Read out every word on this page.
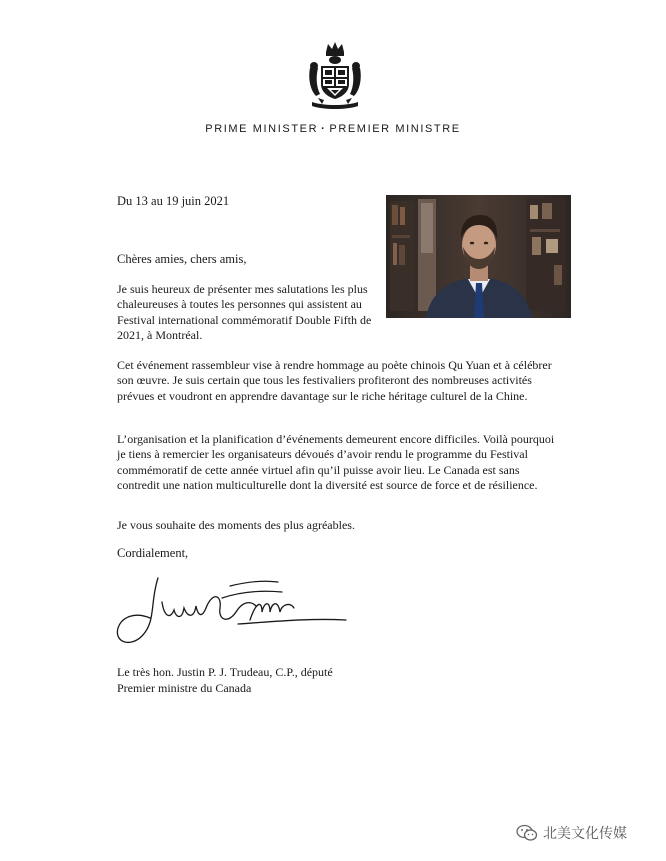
PRIME MINISTER · PREMIER MINISTRE
Du 13 au 19 juin 2021
Chères amies, chers amis,

Je suis heureux de présenter mes salutations les plus chaleureuses à toutes les personnes qui assistent au Festival international commémoratif Double Fifth de 2021, à Montréal.

Cet événement rassembleur vise à rendre hommage au poète chinois Qu Yuan et à célébrer son œuvre. Je suis certain que tous les festivaliers profiteront des nombreuses activités prévues et voudront en apprendre davantage sur le riche héritage culturel de la Chine.

L’organisation et la planification d’événements demeurent encore difficiles. Voilà pourquoi je tiens à remercier les organisateurs dévoués d’avoir rendu le programme du Festival commémoratif de cette année virtuel afin qu’il puisse avoir lieu. Le Canada est sans contredit une nation multiculturelle dont la diversité est source de force et de résilience.

Je vous souhaite des moments des plus agréables.

Cordialement,
Le très hon. Justin P. J. Trudeau, C.P., député
Premier ministre du Canada
北美文化传媒
